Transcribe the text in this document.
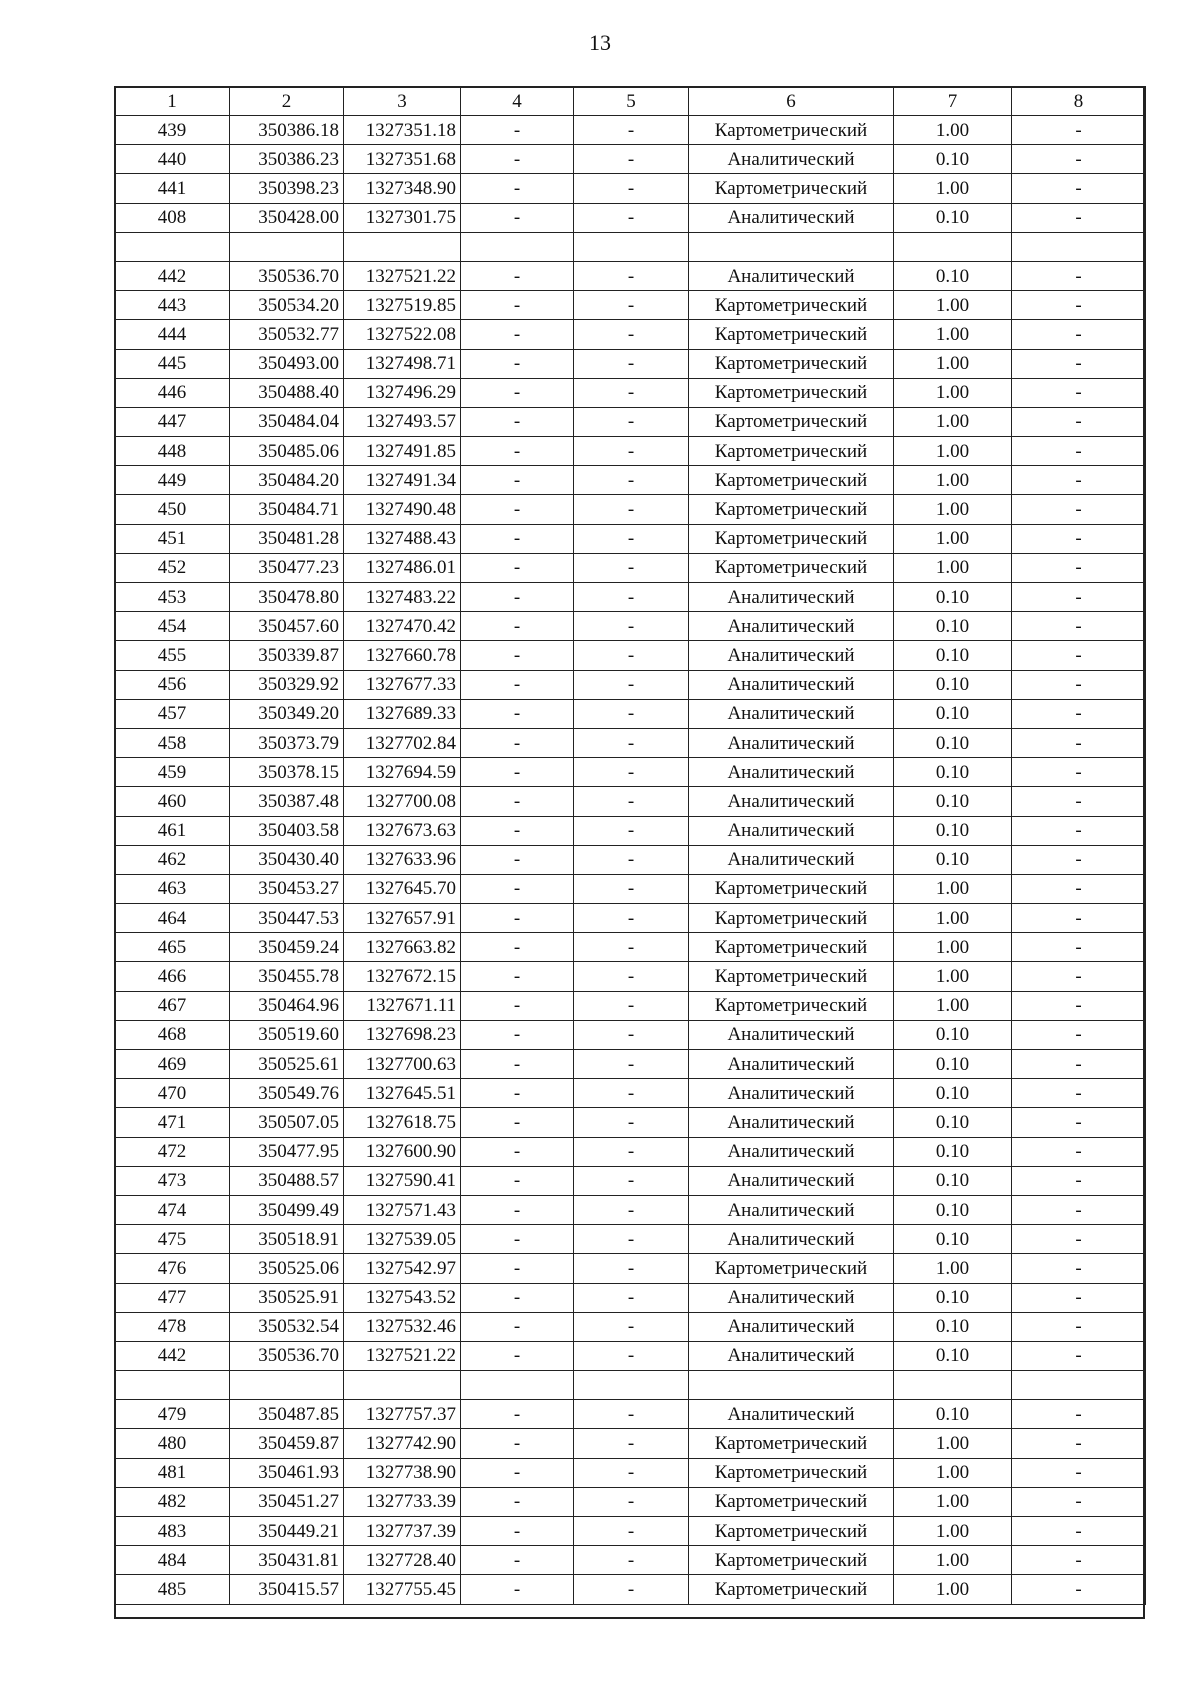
13
1	2	3	4	5	6	7	8
439	350386.18	1327351.18	-	-	Картометрический	1.00	-
440	350386.23	1327351.68	-	-	Аналитический	0.10	-
441	350398.23	1327348.90	-	-	Картометрический	1.00	-
408	350428.00	1327301.75	-	-	Аналитический	0.10	-

442	350536.70	1327521.22	-	-	Аналитический	0.10	-
443	350534.20	1327519.85	-	-	Картометрический	1.00	-
444	350532.77	1327522.08	-	-	Картометрический	1.00	-
445	350493.00	1327498.71	-	-	Картометрический	1.00	-
446	350488.40	1327496.29	-	-	Картометрический	1.00	-
447	350484.04	1327493.57	-	-	Картометрический	1.00	-
448	350485.06	1327491.85	-	-	Картометрический	1.00	-
449	350484.20	1327491.34	-	-	Картометрический	1.00	-
450	350484.71	1327490.48	-	-	Картометрический	1.00	-
451	350481.28	1327488.43	-	-	Картометрический	1.00	-
452	350477.23	1327486.01	-	-	Картометрический	1.00	-
453	350478.80	1327483.22	-	-	Аналитический	0.10	-
454	350457.60	1327470.42	-	-	Аналитический	0.10	-
455	350339.87	1327660.78	-	-	Аналитический	0.10	-
456	350329.92	1327677.33	-	-	Аналитический	0.10	-
457	350349.20	1327689.33	-	-	Аналитический	0.10	-
458	350373.79	1327702.84	-	-	Аналитический	0.10	-
459	350378.15	1327694.59	-	-	Аналитический	0.10	-
460	350387.48	1327700.08	-	-	Аналитический	0.10	-
461	350403.58	1327673.63	-	-	Аналитический	0.10	-
462	350430.40	1327633.96	-	-	Аналитический	0.10	-
463	350453.27	1327645.70	-	-	Картометрический	1.00	-
464	350447.53	1327657.91	-	-	Картометрический	1.00	-
465	350459.24	1327663.82	-	-	Картометрический	1.00	-
466	350455.78	1327672.15	-	-	Картометрический	1.00	-
467	350464.96	1327671.11	-	-	Картометрический	1.00	-
468	350519.60	1327698.23	-	-	Аналитический	0.10	-
469	350525.61	1327700.63	-	-	Аналитический	0.10	-
470	350549.76	1327645.51	-	-	Аналитический	0.10	-
471	350507.05	1327618.75	-	-	Аналитический	0.10	-
472	350477.95	1327600.90	-	-	Аналитический	0.10	-
473	350488.57	1327590.41	-	-	Аналитический	0.10	-
474	350499.49	1327571.43	-	-	Аналитический	0.10	-
475	350518.91	1327539.05	-	-	Аналитический	0.10	-
476	350525.06	1327542.97	-	-	Картометрический	1.00	-
477	350525.91	1327543.52	-	-	Аналитический	0.10	-
478	350532.54	1327532.46	-	-	Аналитический	0.10	-
442	350536.70	1327521.22	-	-	Аналитический	0.10	-

479	350487.85	1327757.37	-	-	Аналитический	0.10	-
480	350459.87	1327742.90	-	-	Картометрический	1.00	-
481	350461.93	1327738.90	-	-	Картометрический	1.00	-
482	350451.27	1327733.39	-	-	Картометрический	1.00	-
483	350449.21	1327737.39	-	-	Картометрический	1.00	-
484	350431.81	1327728.40	-	-	Картометрический	1.00	-
485	350415.57	1327755.45	-	-	Картометрический	1.00	-
